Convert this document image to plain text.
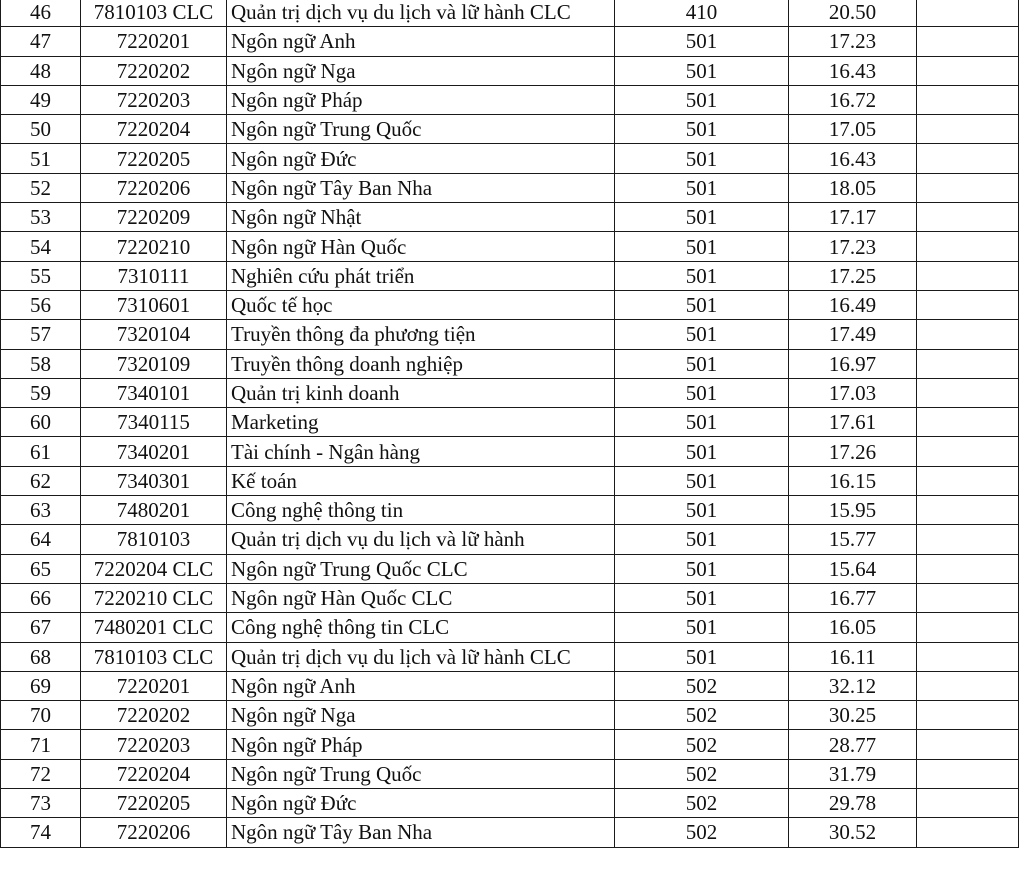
46	7810103 CLC	Quản trị dịch vụ du lịch và lữ hành CLC	410	20.50	
47	7220201	Ngôn ngữ Anh	501	17.23	
48	7220202	Ngôn ngữ Nga	501	16.43	
49	7220203	Ngôn ngữ Pháp	501	16.72	
50	7220204	Ngôn ngữ Trung Quốc	501	17.05	
51	7220205	Ngôn ngữ Đức	501	16.43	
52	7220206	Ngôn ngữ Tây Ban Nha	501	18.05	
53	7220209	Ngôn ngữ Nhật	501	17.17	
54	7220210	Ngôn ngữ Hàn Quốc	501	17.23	
55	7310111	Nghiên cứu phát triển	501	17.25	
56	7310601	Quốc tế học	501	16.49	
57	7320104	Truyền thông đa phương tiện	501	17.49	
58	7320109	Truyền thông doanh nghiệp	501	16.97	
59	7340101	Quản trị kinh doanh	501	17.03	
60	7340115	Marketing	501	17.61	
61	7340201	Tài chính - Ngân hàng	501	17.26	
62	7340301	Kế toán	501	16.15	
63	7480201	Công nghệ thông tin	501	15.95	
64	7810103	Quản trị dịch vụ du lịch và lữ hành	501	15.77	
65	7220204 CLC	Ngôn ngữ Trung Quốc CLC	501	15.64	
66	7220210 CLC	Ngôn ngữ Hàn Quốc CLC	501	16.77	
67	7480201 CLC	Công nghệ thông tin CLC	501	16.05	
68	7810103 CLC	Quản trị dịch vụ du lịch và lữ hành CLC	501	16.11	
69	7220201	Ngôn ngữ Anh	502	32.12	
70	7220202	Ngôn ngữ Nga	502	30.25	
71	7220203	Ngôn ngữ Pháp	502	28.77	
72	7220204	Ngôn ngữ Trung Quốc	502	31.79	
73	7220205	Ngôn ngữ Đức	502	29.78	
74	7220206	Ngôn ngữ Tây Ban Nha	502	30.52	
